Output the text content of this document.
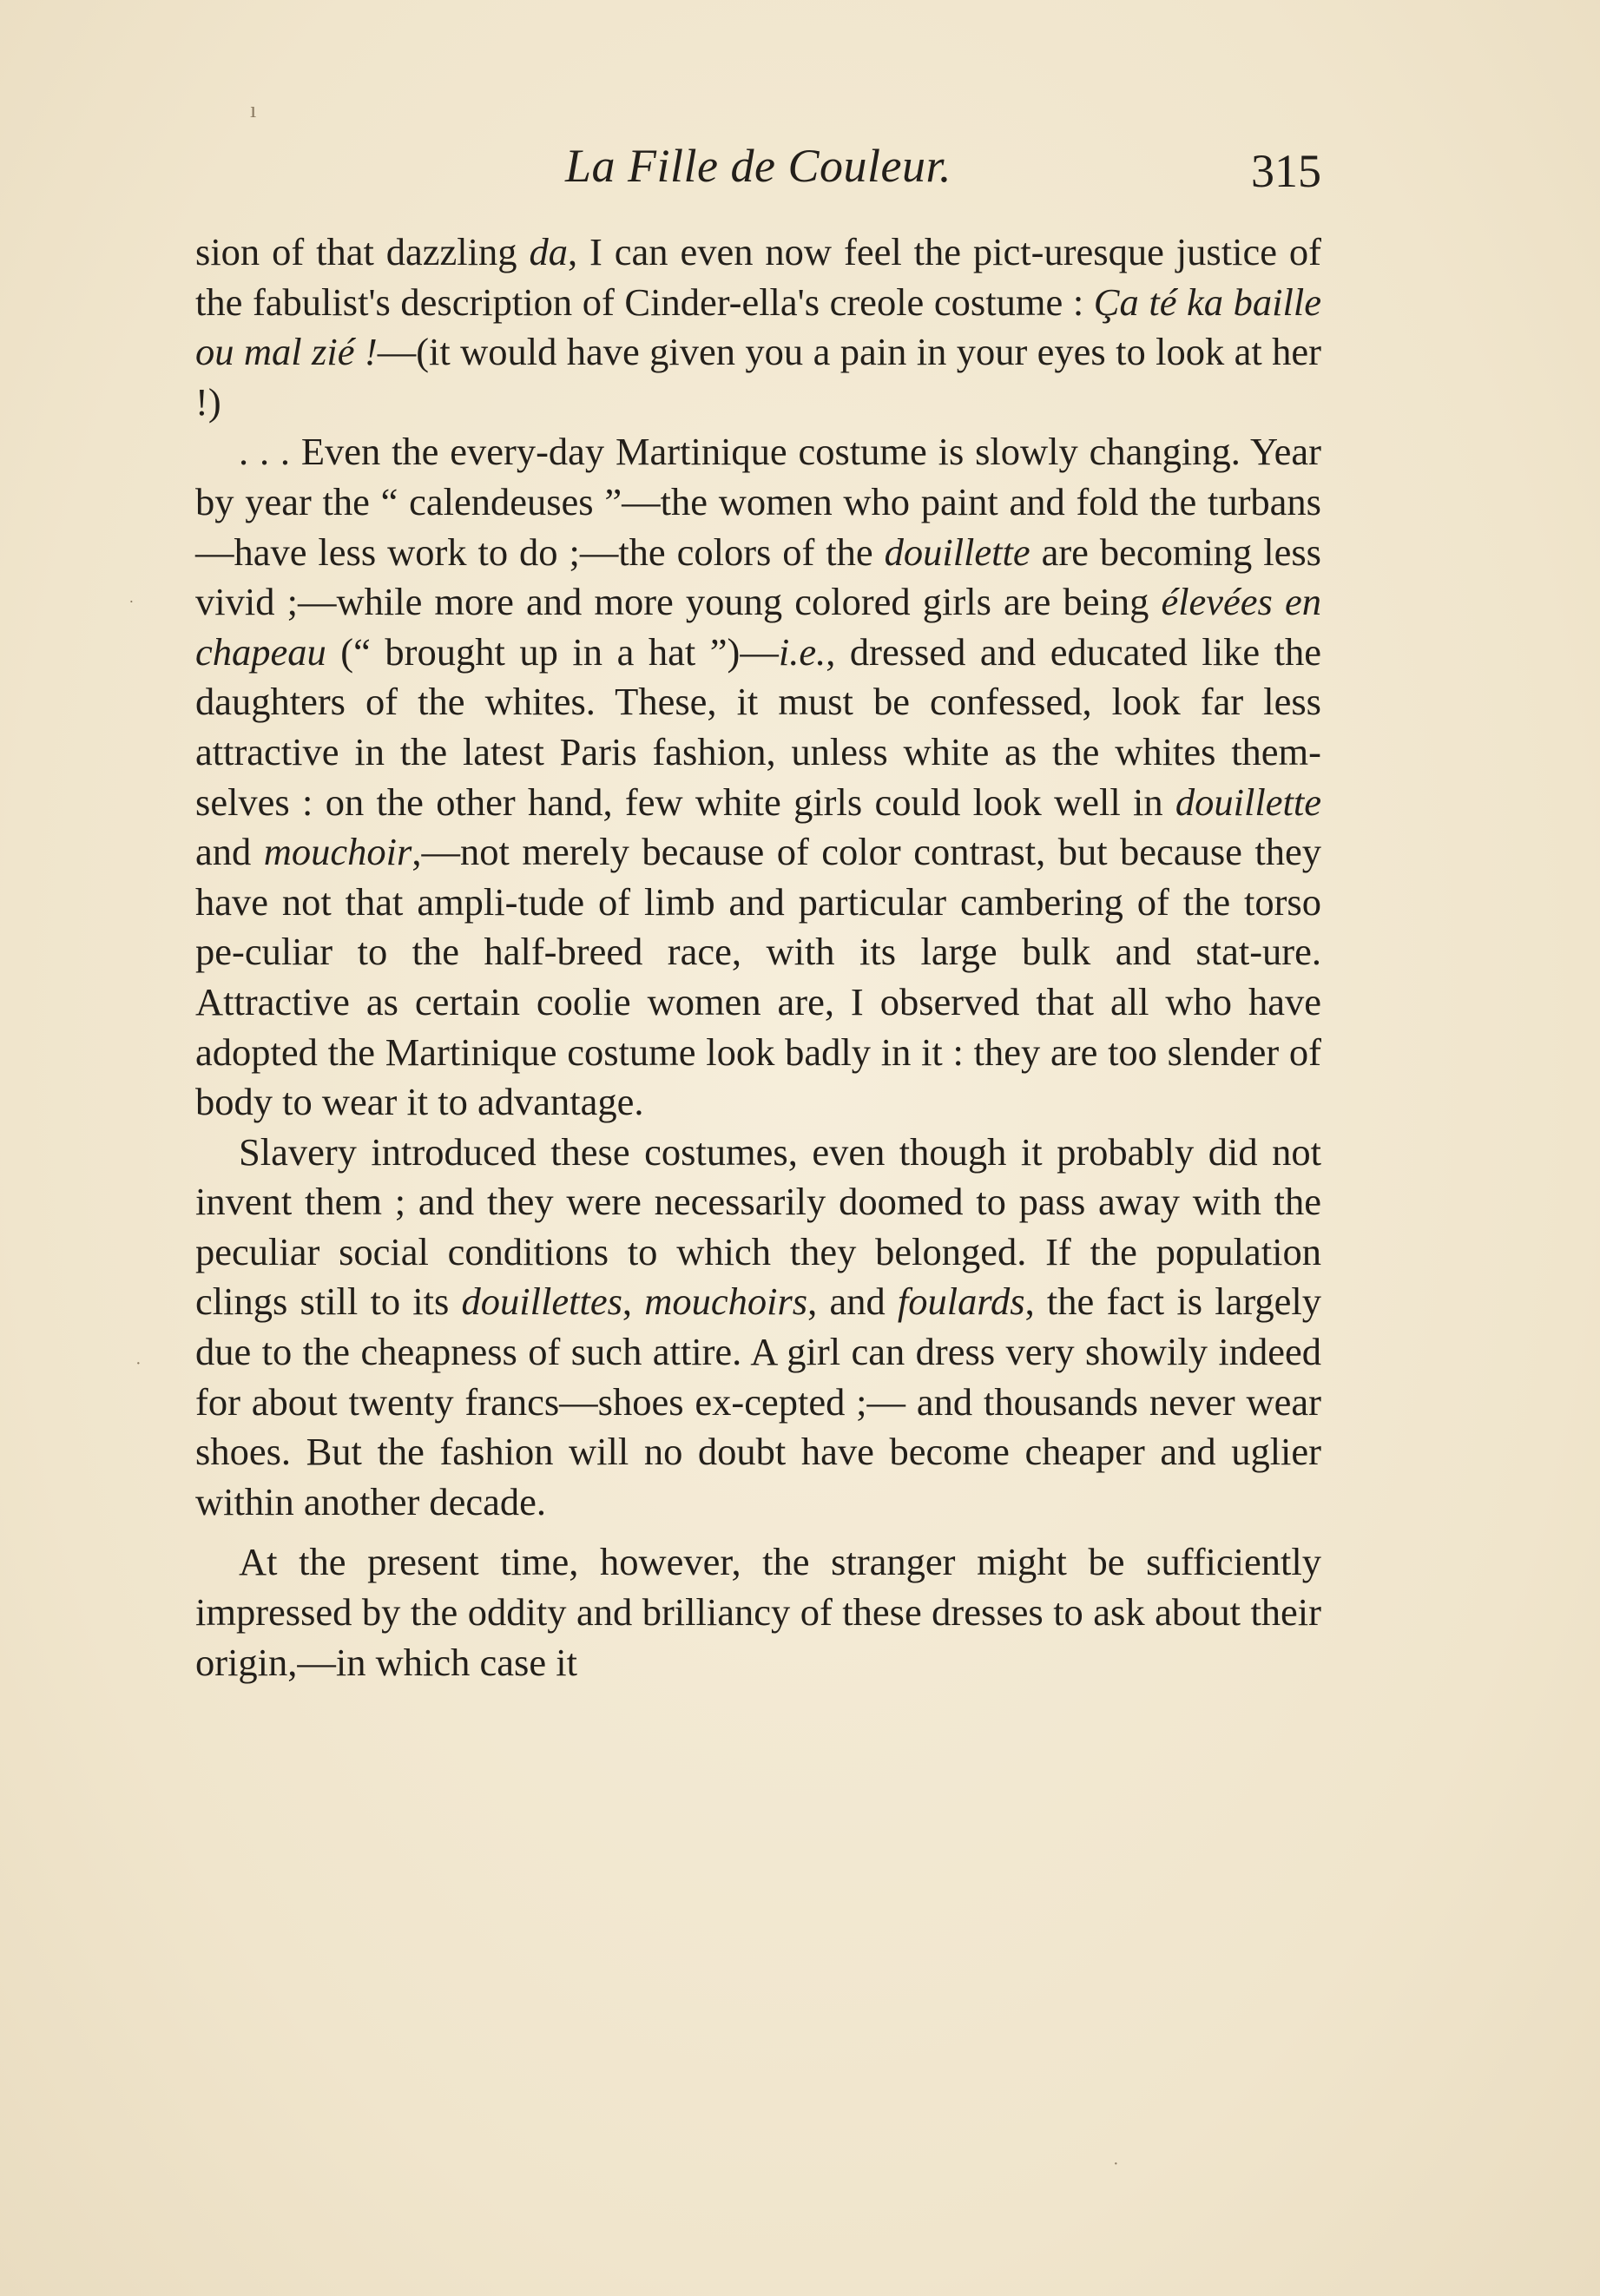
ı
˙
·
·
La Fille de Couleur.	315

sion of that dazzling da, I can even now feel the pict-uresque justice of the fabulist's description of Cinder-ella's creole costume : Ça té ka baille ou mal zié !—(it would have given you a pain in your eyes to look at her !)

. . . Even the every-day Martinique costume is slowly changing. Year by year the “ calendeuses ”—the women who paint and fold the turbans—have less work to do ;—the colors of the douillette are becoming less vivid ;—while more and more young colored girls are being élevées en chapeau (“ brought up in a hat ”)—i.e., dressed and educated like the daughters of the whites. These, it must be confessed, look far less attractive in the latest Paris fashion, unless white as the whites them-selves : on the other hand, few white girls could look well in douillette and mouchoir,—not merely because of color contrast, but because they have not that ampli-tude of limb and particular cambering of the torso pe-culiar to the half-breed race, with its large bulk and stat-ure. Attractive as certain coolie women are, I observed that all who have adopted the Martinique costume look badly in it : they are too slender of body to wear it to advantage.

Slavery introduced these costumes, even though it probably did not invent them ; and they were necessarily doomed to pass away with the peculiar social conditions to which they belonged. If the population clings still to its douillettes, mouchoirs, and foulards, the fact is largely due to the cheapness of such attire. A girl can dress very showily indeed for about twenty francs—shoes ex-cepted ;— and thousands never wear shoes. But the fashion will no doubt have become cheaper and uglier within another decade.

At the present time, however, the stranger might be sufficiently impressed by the oddity and brilliancy of these dresses to ask about their origin,—in which case it
